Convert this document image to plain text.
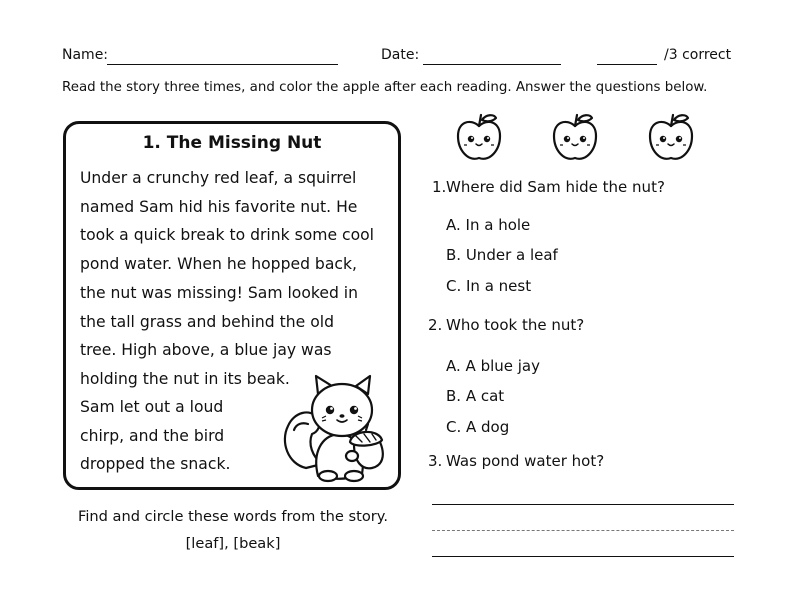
Name:	Date:	/3 correct
Read the story three times, and color the apple after each reading. Answer the questions below.
1. The Missing Nut
Under a crunchy red leaf, a squirrel
named Sam hid his favorite nut. He
took a quick break to drink some cool
pond water. When he hopped back,
the nut was missing! Sam looked in
the tall grass and behind the old
tree. High above, a blue jay was
holding the nut in its beak.
Sam let out a loud
chirp, and the bird
dropped the snack.
Find and circle these words from the story.
[leaf], [beak]
1. Where did Sam hide the nut?
A. In a hole
B. Under a leaf
C. In a nest
2. Who took the nut?
A. A blue jay
B. A cat
C. A dog
3. Was pond water hot?
